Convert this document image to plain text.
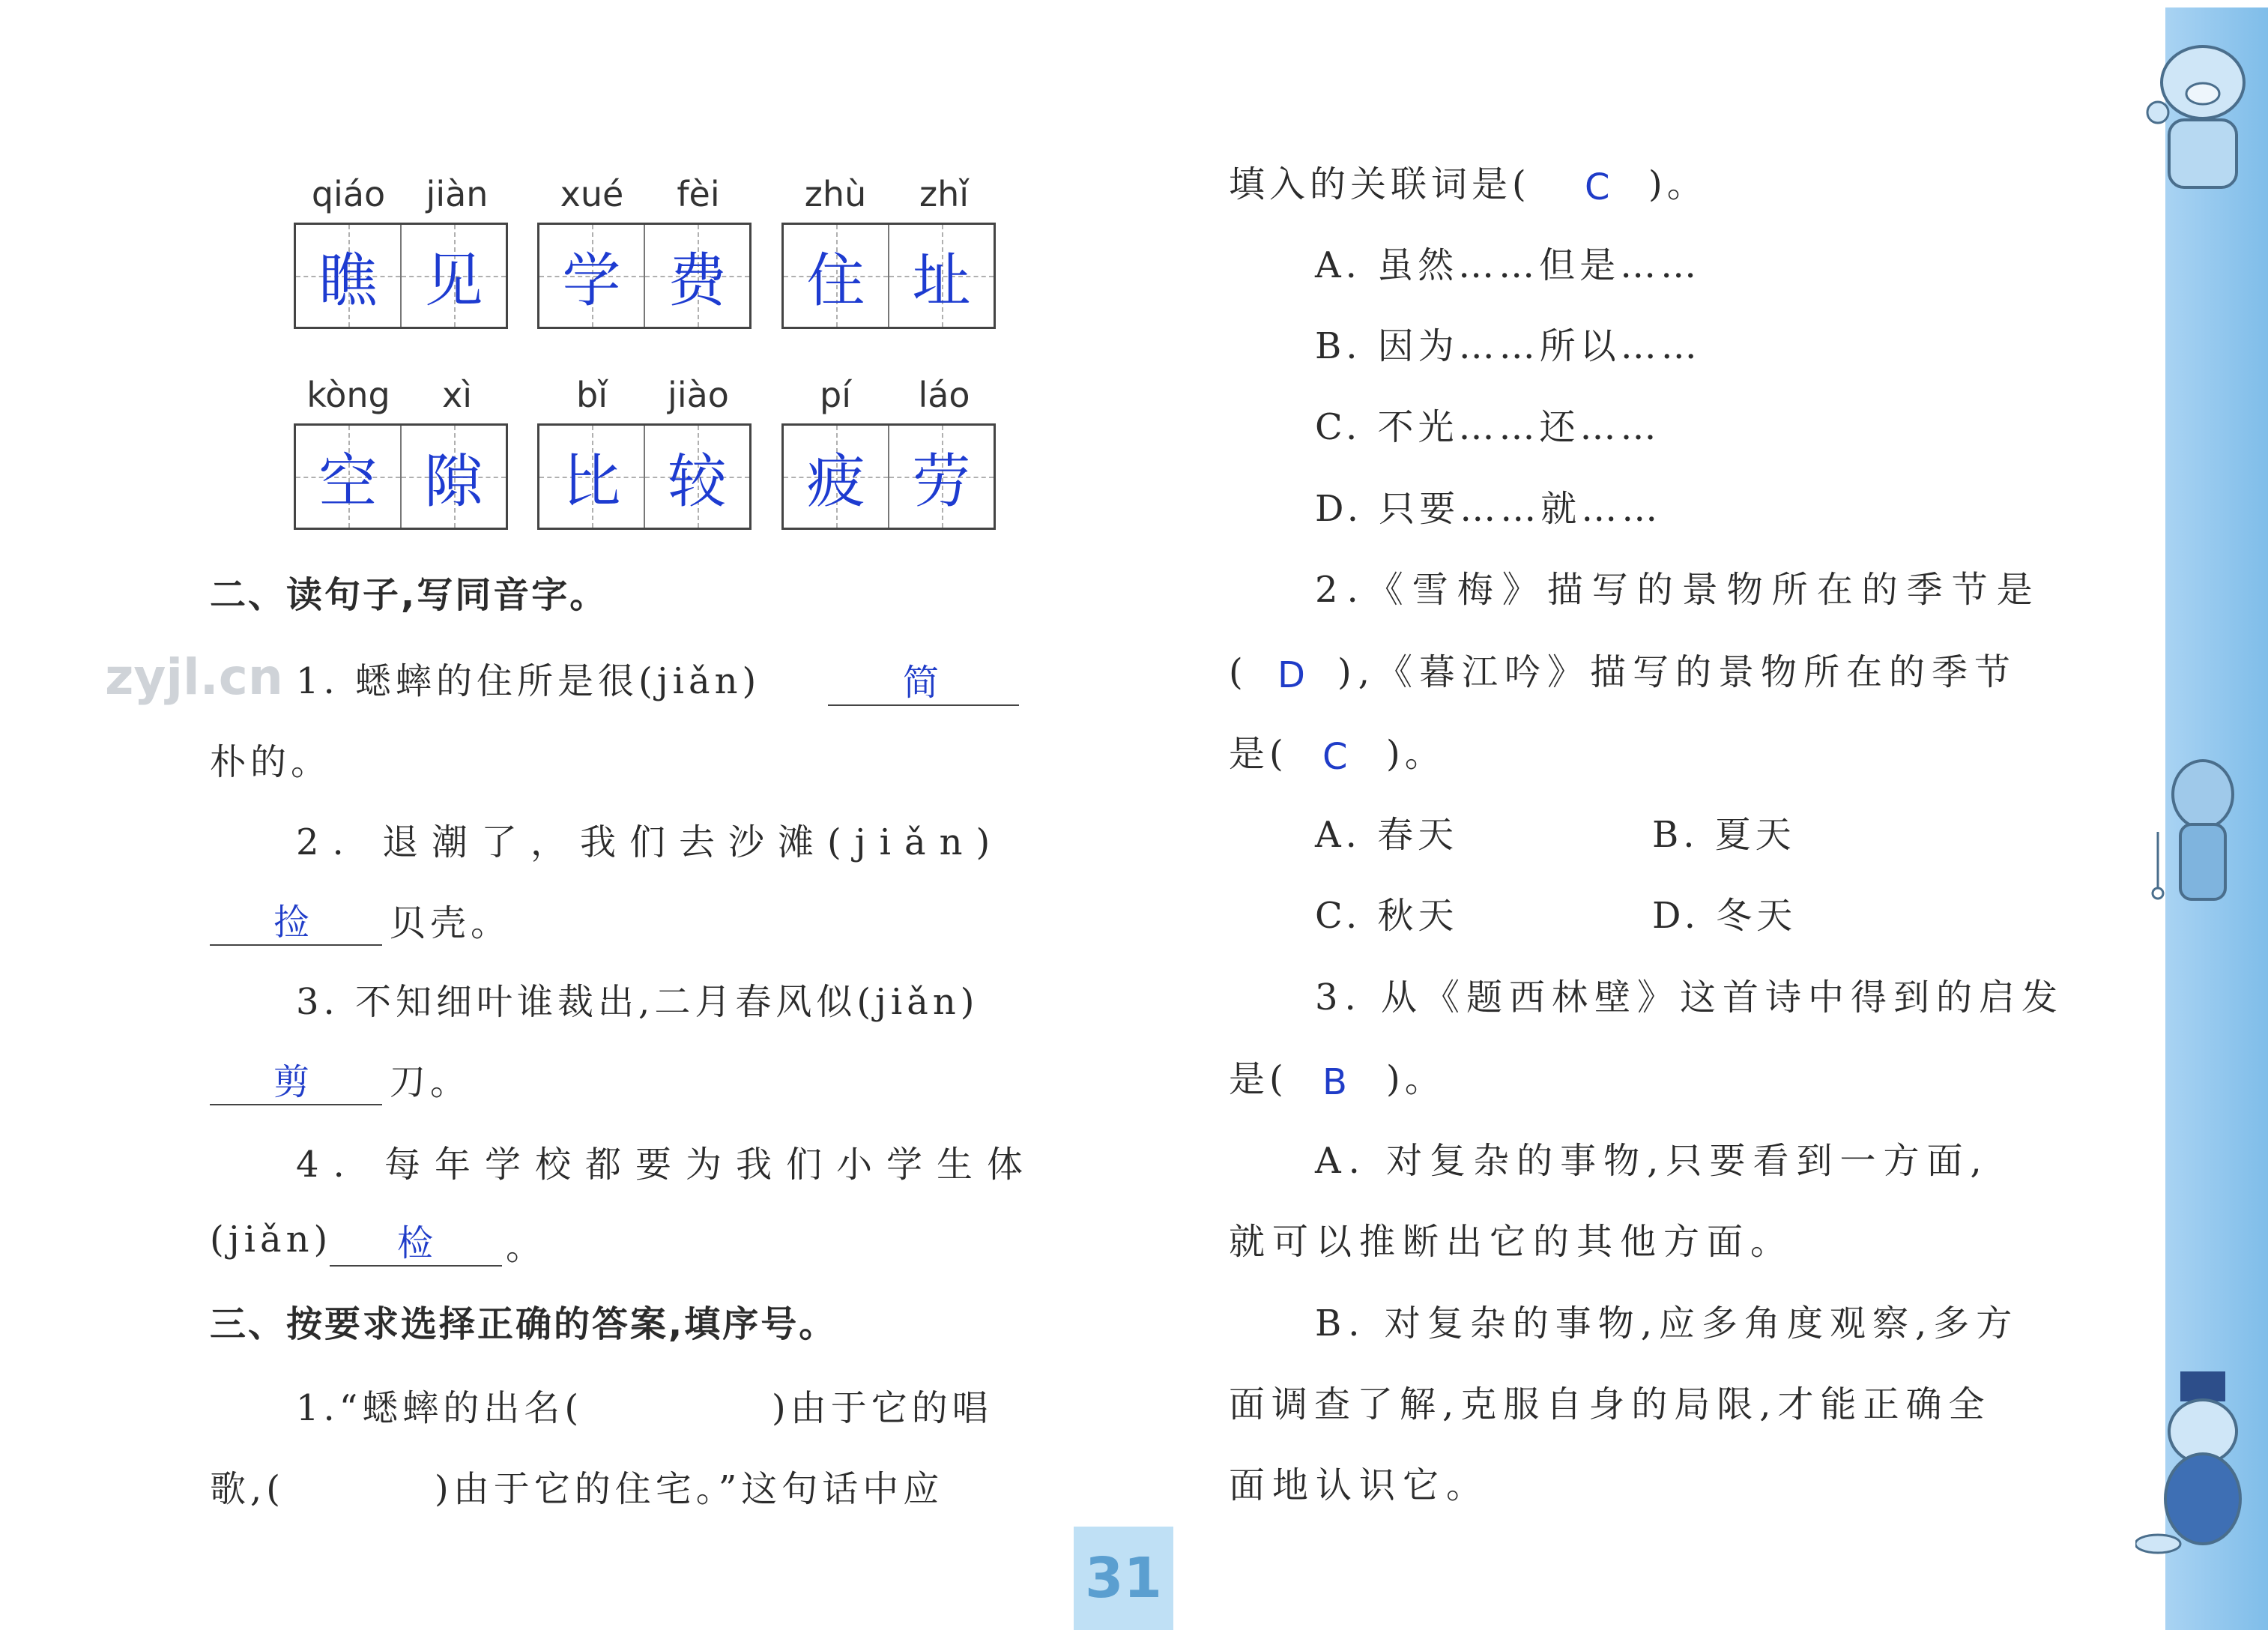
zyjl.cn
qiáo	jiàn	xué	fèi	zhù	zhǐ
瞧 见 学 费 住 址
kòng	xì	bǐ	jiào	pí	láo
空 隙 比 较 疲 劳
二、读句子,写同音字。
1. 蟋蟀的住所是很(jiǎn)	简
朴的。
2. 退潮了，我们去沙滩(jiǎn)
捡 贝壳。
3. 不知细叶谁裁出,二月春风似(jiǎn)
剪 刀。
4. 每年学校都要为我们小学生体
(jiǎn) 检 。
三、按要求选择正确的答案,填序号。
1.“蟋蟀的出名(	)由于它的唱
歌,(	)由于它的住宅。”这句话中应
填入的关联词是( C )。
A. 虽然……但是……
B. 因为……所以……
C. 不光……还……
D. 只要……就……
2.《雪梅》描写的景物所在的季节是
( D ),《暮江吟》描写的景物所在的季节
是( C )。
A. 春天	B. 夏天
C. 秋天	D. 冬天
3. 从《题西林壁》这首诗中得到的启发
是( B )。
A. 对复杂的事物,只要看到一方面,
就可以推断出它的其他方面。
B. 对复杂的事物,应多角度观察,多方
面调查了解,克服自身的局限,才能正确全
面地认识它。
31
